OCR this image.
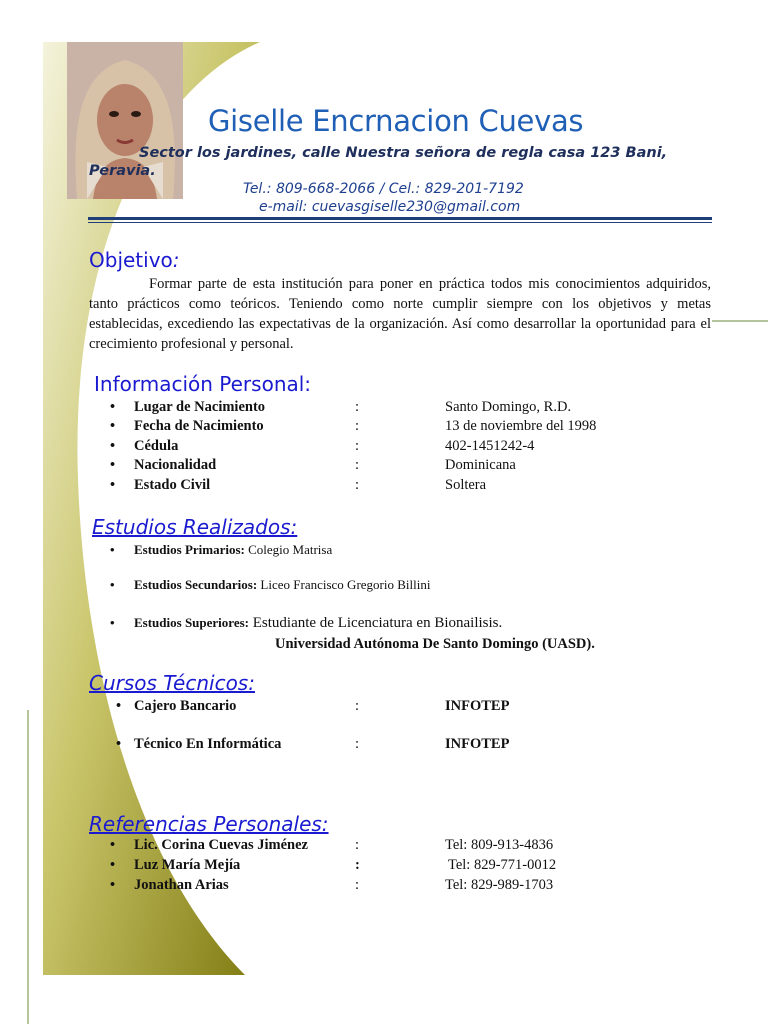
Giselle Encrnacion Cuevas
Sector los jardines, calle Nuestra señora de regla casa 123 Bani, Peravia.
Tel.: 809-668-2066 / Cel.: 829-201-7192
e-mail: cuevasgiselle230@gmail.com
Objetivo:
Formar parte de esta institución para poner en práctica todos mis conocimientos adquiridos, tanto prácticos como teóricos. Teniendo como norte cumplir siempre con los objetivos y metas establecidas, excediendo las expectativas de la organización. Así como desarrollar la oportunidad para el crecimiento profesional y personal.
Información Personal:
• Lugar de Nacimiento	:	Santo Domingo, R.D.
• Fecha de Nacimiento	:	13 de noviembre del 1998
• Cédula	:	402-1451242-4
• Nacionalidad	:	Dominicana
• Estado Civil	:	Soltera
Estudios Realizados:
• Estudios Primarios: Colegio Matrisa
• Estudios Secundarios: Liceo Francisco Gregorio Billini
• Estudios Superiores: Estudiante de Licenciatura en Bionailisis.
Universidad Autónoma De Santo Domingo (UASD).
Cursos Técnicos:
• Cajero Bancario	:	INFOTEP
• Técnico En Informática	:	INFOTEP
Referencias Personales:
• Lic. Corina Cuevas Jiménez	:	Tel: 809-913-4836
• Luz María Mejía	:	Tel: 829-771-0012
• Jonathan Arias	:	Tel: 829-989-1703
